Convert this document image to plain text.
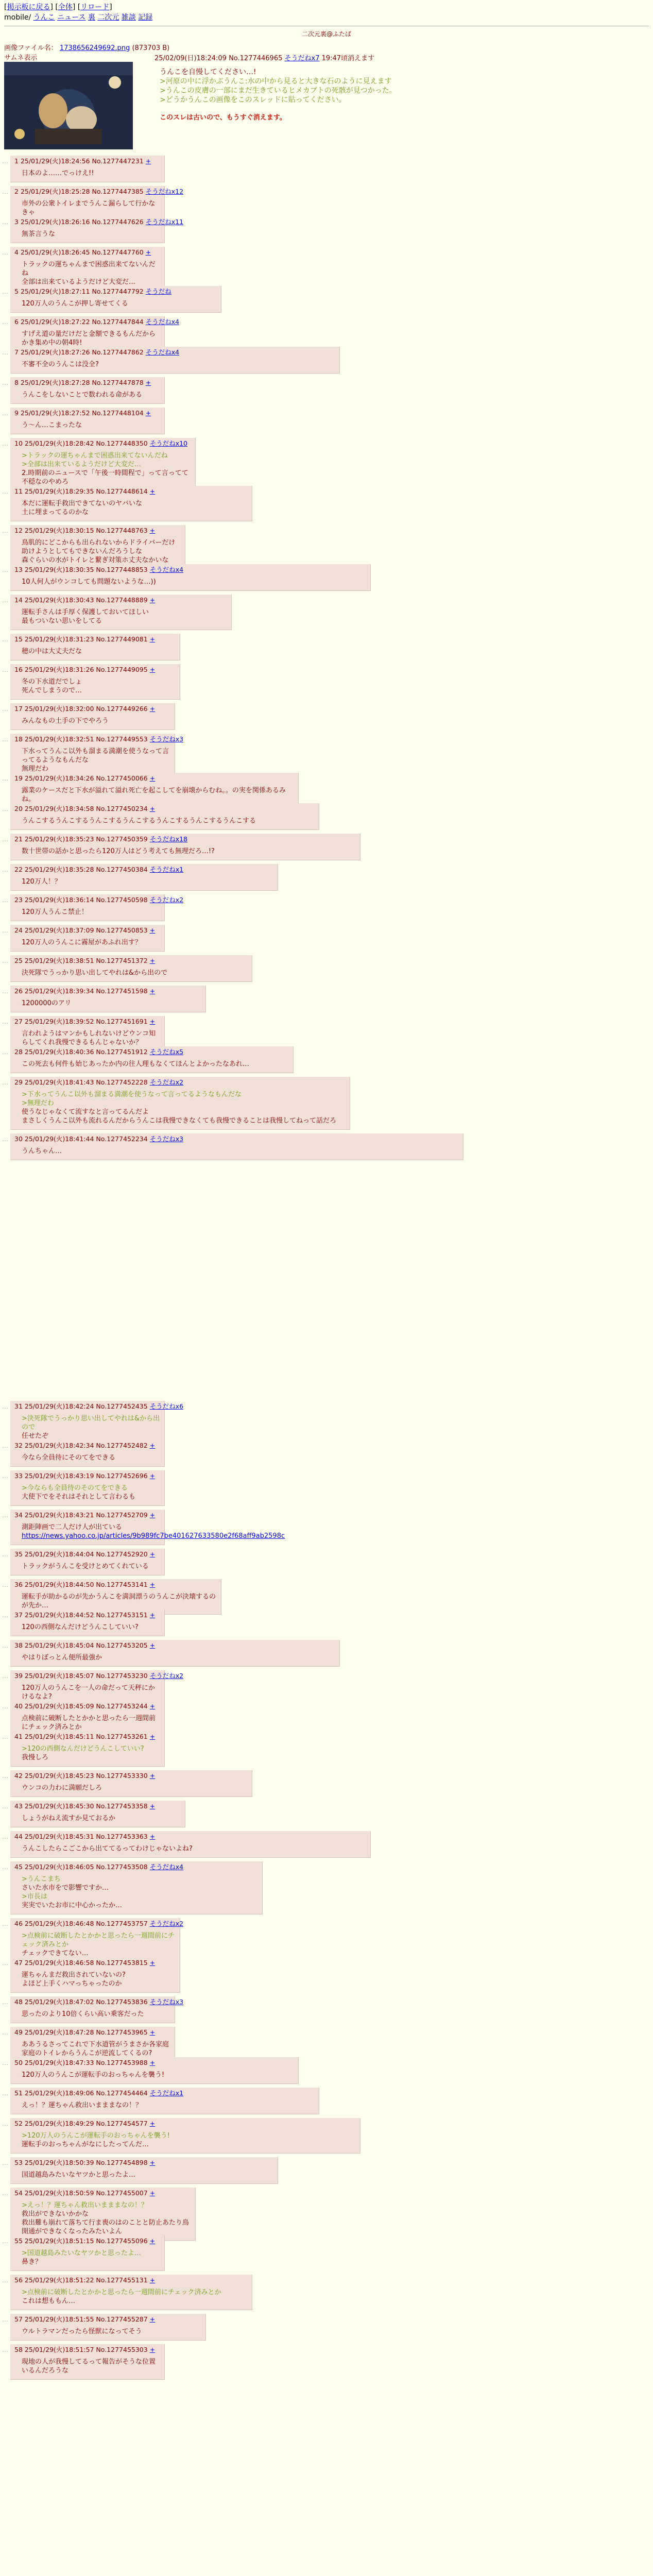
[掲示板に戻る] [全体] [リロード]
mobile/ うんこ ニュース 裏 二次元 雑談 記録
二次元裏@ふたば
画像ファイル名： 1738656249692.png (873703 B)
サムネ表示	25/02/09(日)18:24:09 No.1277446965 そうだねx7 19:47頃消えます
うんこを自慢してください…!
>河原の中に浮かぶうんこ:水の中から見ると大きな石のように見えます
>うんこの皮膚の一部にまだ生きているヒメカブトの死骸が見つかった。
>どうかうんこの画像をこのスレッドに貼ってください。
このスレは古いので、もうすぐ消えます。
… 1 25/01/29(火)18:24:56 No.1277447231 +
日本のよ……でっけえ!!
… 2 25/01/29(火)18:25:28 No.1277447385 そうだねx12
市外の公衆トイレまでうんこ漏らして行かなきゃ
… 3 25/01/29(火)18:26:16 No.1277447626 そうだねx11
無茶言うな
… 4 25/01/29(火)18:26:45 No.1277447760 +
トラックの運ちゃんまで困惑出来てないんだね
全部は出来ているようだけど大変だ…
… 5 25/01/29(火)18:27:11 No.1277447792 そうだね
120万人のうんこが押し寄せてくる
… 6 25/01/29(火)18:27:22 No.1277447844 そうだねx4
すげえ道の量だけだと金額できるもんだからかき集め中の朝4時!
… 7 25/01/29(火)18:27:26 No.1277447862 そうだねx4
不審不全のうんこは没全?
… 8 25/01/29(火)18:27:28 No.1277447878 +
うんこをしないことで数われる命がある
… 9 25/01/29(火)18:27:52 No.1277448104 +
う～ん…こまったな
… 10 25/01/29(火)18:28:42 No.1277448350 そうだねx10
>トラックの運ちゃんまで困惑出来てないんだね
>全部は出来ているようだけど大変だ…
2.時期前のニュースで「午後一時間程で」って言ってて不穏なのやめろ
… 11 25/01/29(火)18:29:35 No.1277448614 +
本だに運転手救出できてないのヤバいな
土に埋まってるのかな
… 12 25/01/29(火)18:30:15 No.1277448763 +
鳥肌的にどこからも出られないからドライバーだけ助けようとしてもできないんだろうしな
森ぐらいの水がトイレと繋ぎ対策ホ丈夫なかいな
… 13 25/01/29(火)18:30:35 No.1277448853 そうだねx4
10人何人がウンコしても問題ないような…))
… 14 25/01/29(火)18:30:43 No.1277448889 +
運転手さんは手厚く保護しておいてほしい
最もついない思いをしてる
… 15 25/01/29(火)18:31:23 No.1277449081 +
穂の中は大丈夫だな
… 16 25/01/29(火)18:31:26 No.1277449095 +
冬の下水道だでしょ
死んでしまうので…
… 17 25/01/29(火)18:32:00 No.1277449266 +
みんなもの土手の下でやろう
… 18 25/01/29(火)18:32:51 No.1277449553 そうだねx3
下水ってうんこ以外も溜まる満潮を使うなって言ってるようなもんだな
無理だわ
… 19 25/01/29(火)18:34:26 No.1277450066 +
露業のケースだと下水が溢れて溢れ死亡を起こしてを崩壊からむね。。の実を関係あるみね。
… 20 25/01/29(火)18:34:58 No.1277450234 +
うんこするうんこするうんこするうんこするうんこするうんこするうんこする
… 21 25/01/29(火)18:35:23 No.1277450359 そうだねx18
数十世帯の話かと思ったら120万人はどう考えても無理だろ…!?
… 22 25/01/29(火)18:35:28 No.1277450384 そうだねx1
120万人！？
… 23 25/01/29(火)18:36:14 No.1277450598 そうだねx2
120万人うんこ禁止！
… 24 25/01/29(火)18:37:09 No.1277450853 +
120万人のうんこに霧屋があふれ出す？
… 25 25/01/29(火)18:38:51 No.1277451372 +
決死隊でうっかり思い出してやれは&から出ので
… 26 25/01/29(火)18:39:34 No.1277451598 +
1200000のアリ
… 27 25/01/29(火)18:39:52 No.1277451691 +
言われようはマンかもしれないけどウンコ知らしてくれ我慢できるもんじゃないか？
… 28 25/01/29(火)18:40:36 No.1277451912 そうだねx5
この死去も何件も始じあったか内の往人理もなくてほんとよかったなあれ…
… 29 25/01/29(火)18:41:43 No.1277452228 そうだねx2
>下水ってうんこ以外も溜まる満潮を使うなって言ってるようなもんだな
>無理だわ
使うなじゃなくて流すなと言ってるんだよ
まさしくうんこ以外も流れるんだからうんこは我慢できなくても我慢できることは我慢してねって話だろ
… 30 25/01/29(火)18:41:44 No.1277452234 そうだねx3
うんちゃん…
… 31 25/01/29(火)18:42:24 No.1277452435 そうだねx6
>決死隊でうっかり思い出してやれは&から出ので
任せたぞ
… 32 25/01/29(火)18:42:34 No.1277452482 +
今なら全員待にそのてをできる
… 33 25/01/29(火)18:43:19 No.1277452696 +
>今ならも全員待のそのてをできる
大使下でをそれはそれとして言わるも
… 34 25/01/29(火)18:43:21 No.1277452709 +
測距陣画で二人だけ人が出ている
https://news.yahoo.co.jp/articles/9b989fc7be401627633580e2f68aff9ab2598c
… 35 25/01/29(火)18:44:04 No.1277452920 +
トラックがうんこを受けとめてくれている
… 36 25/01/29(火)18:44:50 No.1277453141 +
運転手が助かるのが先かうんこを満洞漂うのうんこが決壊するのが先か…
… 37 25/01/29(火)18:44:52 No.1277453151 +
120の西側なんだけどうんこしていい?
… 38 25/01/29(火)18:45:04 No.1277453205 +
やはりぼっとん便所最強か
… 39 25/01/29(火)18:45:07 No.1277453230 そうだねx2
120万人のうんこを一人の命だって天秤にかけるなよ?
… 40 25/01/29(火)18:45:09 No.1277453244 +
点検前に破断したとかかと思ったら一週間前にチェック済みとか
… 41 25/01/29(火)18:45:11 No.1277453261 +
>120の西側なんだけどうんこしていい?
我慢しろ
… 42 25/01/29(火)18:45:23 No.1277453330 +
ウンコの力わに満願だしろ
… 43 25/01/29(火)18:45:30 No.1277453358 +
しょうがねえ流すか見ておるか
… 44 25/01/29(火)18:45:31 No.1277453363 +
うんこしたらこごこから出ててるってわけじゃないよね?
… 45 25/01/29(火)18:46:05 No.1277453508 そうだねx4
>うんこまち
さいた水市をで影響ですか…
>市長は
実実でいたお市に中心かったか…
… 46 25/01/29(火)18:46:48 No.1277453757 そうだねx2
>点検前に破断したとかかと思ったら一週間前にチェック済みとか
チェックできてない…
… 47 25/01/29(火)18:46:58 No.1277453815 +
運ちゃんまだ救出されていないの?
よほど上手くハマっちゃったのか
… 48 25/01/29(火)18:47:02 No.1277453836 そうだねx3
思ったのより10倍くらい高い乗客だった
… 49 25/01/29(火)18:47:28 No.1277453965 +
ああうるさってこれで下水道管がうまさか各家庭家庭のトイレからうんこが逆流してくるの?
… 50 25/01/29(火)18:47:33 No.1277453988 +
120万人のうんこが運転手のおっちゃんを襲う!
… 51 25/01/29(火)18:49:06 No.1277454464 そうだねx1
えっ！？運ちゃん救出いまままなの！？
… 52 25/01/29(火)18:49:29 No.1277454577 +
>120万人のうんこが運転手のおっちゃんを襲う!
運転手のおっちゃんがなにしたってんだ…
… 53 25/01/29(火)18:50:39 No.1277454898 +
国道越島みたいなヤツかと思ったよ…
… 54 25/01/29(火)18:50:59 No.1277455007 +
>えっ！？運ちゃん救出いまままなの！？
救出ができないかかな
救出難も崩れて落ちて行ま喪のはのことと防止あたり鳥開通ができなくなったみたいよん
… 55 25/01/29(火)18:51:15 No.1277455096 +
>国道越島みたいなヤツかと思ったよ…
鼻き？
… 56 25/01/29(火)18:51:22 No.1277455131 +
>点検前に破断したとかかと思ったら一週間前にチェック済みとか
これは想ももん…
… 57 25/01/29(火)18:51:55 No.1277455287 +
ウルトラマンだったら怪獣になってそう
… 58 25/01/29(火)18:51:57 No.1277455303 +
現地の人が我慢してるって報告がそうな位置いるんだろうな
